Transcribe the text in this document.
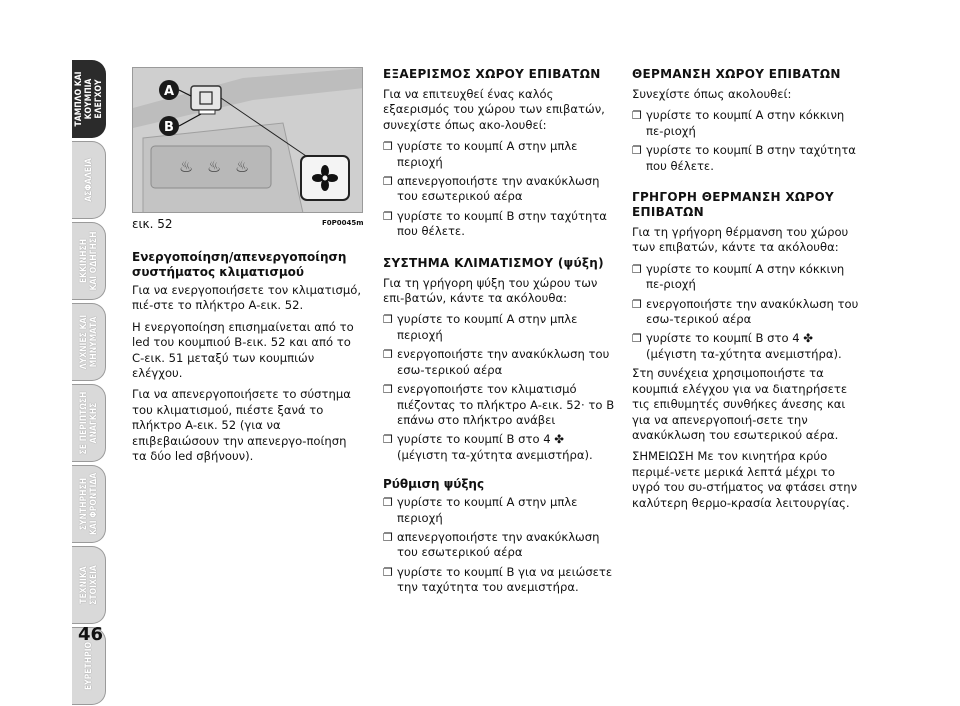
ΤΑΜΠΛΟ ΚΑΙ
ΚΟΥΜΠΙΑ
ΕΛΕΓΧΟΥ
ΑΣΦΑΛΕΙΑ
ΕΚΚΙΝΗΣΗ
ΚΑΙ ΟΔΗΓΗΣΗ
ΛΥΧΝΙΕΣ ΚΑΙ
ΜΗΝΥΜΑΤΑ
ΣΕ ΠΕΡΙΠΤΩΣΗ
ΑΝΑΓΚΗΣ
ΣΥΝΤΗΡΗΣΗ
ΚΑΙ ΦΡΟΝΤΙΔΑ
ΤΕΧΝΙΚΑ
ΣΤΟΙΧΕΙΑ
ΕΥΡΕΤΗΡΙΟ
46
♨ ♨ ♨
A
B
εικ. 52	F0P0045m
Ενεργοποίηση/απενεργοποίηση συστήματος κλιματισμού

Για να ενεργοποιήσετε τον κλιματισμό, πιέ-στε το πλήκτρο A-εικ. 52.

Η ενεργοποίηση επισημαίνεται από το led του κουμπιού B-εικ. 52 και από το C-εικ. 51 μεταξύ των κουμπιών ελέγχου.

Για να απενεργοποιήσετε το σύστημα του κλιματισμού, πιέστε ξανά το πλήκτρο A-εικ. 52 (για να επιβεβαιώσουν την απενεργο-ποίηση τα δύο led σβήνουν).

ΕΞΑΕΡΙΣΜΟΣ ΧΩΡΟΥ ΕΠΙΒΑΤΩΝ

Για να επιτευχθεί ένας καλός εξαερισμός του χώρου των επιβατών, συνεχίστε όπως ακο-λουθεί:

❐ γυρίστε το κουμπί A στην μπλε περιοχή
❐ απενεργοποιήστε την ανακύκλωση του εσωτερικού αέρα
❐ γυρίστε το κουμπί B στην ταχύτητα που θέλετε.
ΣΥΣΤΗΜΑ ΚΛΙΜΑΤΙΣΜΟΥ (ψύξη)

Για τη γρήγορη ψύξη του χώρου των επι-βατών, κάντε τα ακόλουθα:

❐ γυρίστε το κουμπί A στην μπλε περιοχή
❐ ενεργοποιήστε την ανακύκλωση του εσω-τερικού αέρα
❐ ενεργοποιήστε τον κλιματισμό πιέζοντας το πλήκτρο A-εικ. 52· το B επάνω στο πλήκτρο ανάβει
❐ γυρίστε το κουμπί B στο 4 ✤ (μέγιστη τα-χύτητα ανεμιστήρα).
Ρύθμιση ψύξης
❐ γυρίστε το κουμπί A στην μπλε περιοχή
❐ απενεργοποιήστε την ανακύκλωση του εσωτερικού αέρα
❐ γυρίστε το κουμπί B για να μειώσετε την ταχύτητα του ανεμιστήρα.
ΘΕΡΜΑΝΣΗ ΧΩΡΟΥ ΕΠΙΒΑΤΩΝ

Συνεχίστε όπως ακολουθεί:

❐ γυρίστε το κουμπί A στην κόκκινη πε-ριοχή
❐ γυρίστε το κουμπί B στην ταχύτητα που θέλετε.
ΓΡΗΓΟΡΗ ΘΕΡΜΑΝΣΗ ΧΩΡΟΥ ΕΠΙΒΑΤΩΝ

Για τη γρήγορη θέρμανση του χώρου των επιβατών, κάντε τα ακόλουθα:

❐ γυρίστε το κουμπί A στην κόκκινη πε-ριοχή
❐ ενεργοποιήστε την ανακύκλωση του εσω-τερικού αέρα
❐ γυρίστε το κουμπί B στο 4 ✤ (μέγιστη τα-χύτητα ανεμιστήρα).

Στη συνέχεια χρησιμοποιήστε τα κουμπιά ελέγχου για να διατηρήσετε τις επιθυμητές συνθήκες άνεσης και για να απενεργοποιή-σετε την ανακύκλωση του εσωτερικού αέρα.

ΣΗΜΕΙΩΣΗ Με τον κινητήρα κρύο περιμέ-νετε μερικά λεπτά μέχρι το υγρό του συ-στήματος να φτάσει στην καλύτερη θερμο-κρασία λειτουργίας.
